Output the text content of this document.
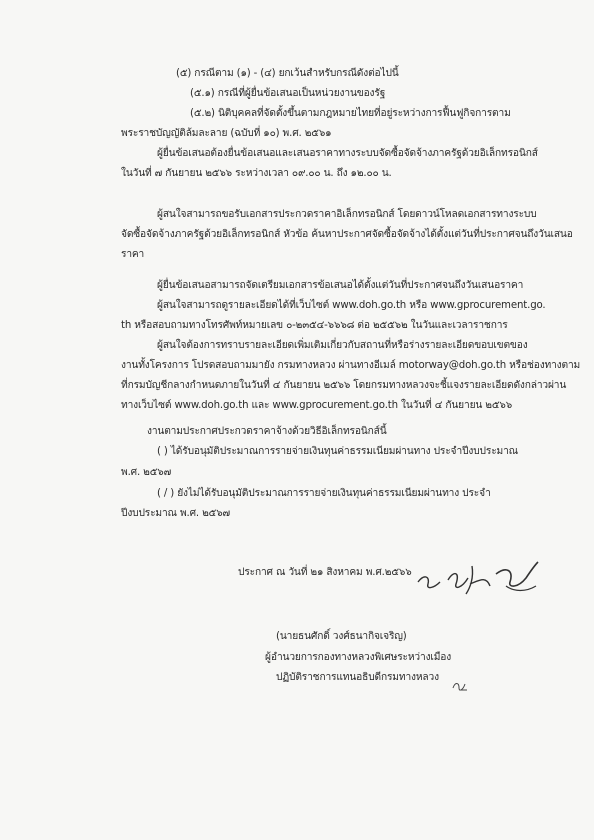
(๕) กรณีตาม (๑) - (๔) ยกเว้นสำหรับกรณีดังต่อไปนี้
(๕.๑) กรณีที่ผู้ยื่นข้อเสนอเป็นหน่วยงานของรัฐ
(๕.๒) นิติบุคคลที่จัดตั้งขึ้นตามกฎหมายไทยที่อยู่ระหว่างการฟื้นฟูกิจการตาม
พระราชบัญญัติล้มละลาย (ฉบับที่ ๑๐) พ.ศ. ๒๕๖๑
ผู้ยื่นข้อเสนอต้องยื่นข้อเสนอและเสนอราคาทางระบบจัดซื้อจัดจ้างภาครัฐด้วยอิเล็กทรอนิกส์
ในวันที่ ๗ กันยายน ๒๕๖๖ ระหว่างเวลา ๐๙.๐๐ น. ถึง ๑๒.๐๐ น.
ผู้สนใจสามารถขอรับเอกสารประกวดราคาอิเล็กทรอนิกส์ โดยดาวน์โหลดเอกสารทางระบบ
จัดซื้อจัดจ้างภาครัฐด้วยอิเล็กทรอนิกส์ หัวข้อ ค้นหาประกาศจัดซื้อจัดจ้างได้ตั้งแต่วันที่ประกาศจนถึงวันเสนอ
ราคา
ผู้ยื่นข้อเสนอสามารถจัดเตรียมเอกสารข้อเสนอได้ตั้งแต่วันที่ประกาศจนถึงวันเสนอราคา
ผู้สนใจสามารถดูรายละเอียดได้ที่เว็บไซต์ www.doh.go.th หรือ www.gprocurement.go.
th หรือสอบถามทางโทรศัพท์หมายเลข ๐-๒๓๕๔-๖๖๖๘ ต่อ ๒๕๕๖๒ ในวันและเวลาราชการ
ผู้สนใจต้องการทราบรายละเอียดเพิ่มเติมเกี่ยวกับสถานที่หรือร่างรายละเอียดขอบเขตของ
งานทั้งโครงการ โปรดสอบถามมายัง กรมทางหลวง ผ่านทางอีเมล์ motorway@doh.go.th หรือช่องทางตาม
ที่กรมบัญชีกลางกำหนดภายในวันที่ ๔ กันยายน ๒๕๖๖ โดยกรมทางหลวงจะชี้แจงรายละเอียดดังกล่าวผ่าน
ทางเว็บไซต์ www.doh.go.th และ www.gprocurement.go.th ในวันที่ ๔ กันยายน ๒๕๖๖
งานตามประกาศประกวดราคาจ้างด้วยวิธีอิเล็กทรอนิกส์นี้
( ) ได้รับอนุมัติประมาณการรายจ่ายเงินทุนค่าธรรมเนียมผ่านทาง ประจำปีงบประมาณ
พ.ศ. ๒๕๖๗
( / ) ยังไม่ได้รับอนุมัติประมาณการรายจ่ายเงินทุนค่าธรรมเนียมผ่านทาง ประจำ
ปีงบประมาณ พ.ศ. ๒๕๖๗
ประกาศ ณ วันที่ ๒๑ สิงหาคม พ.ศ.๒๕๖๖
(นายธนศักดิ์ วงศ์ธนากิจเจริญ)
ผู้อำนวยการกองทางหลวงพิเศษระหว่างเมือง
ปฏิบัติราชการแทนอธิบดีกรมทางหลวง
